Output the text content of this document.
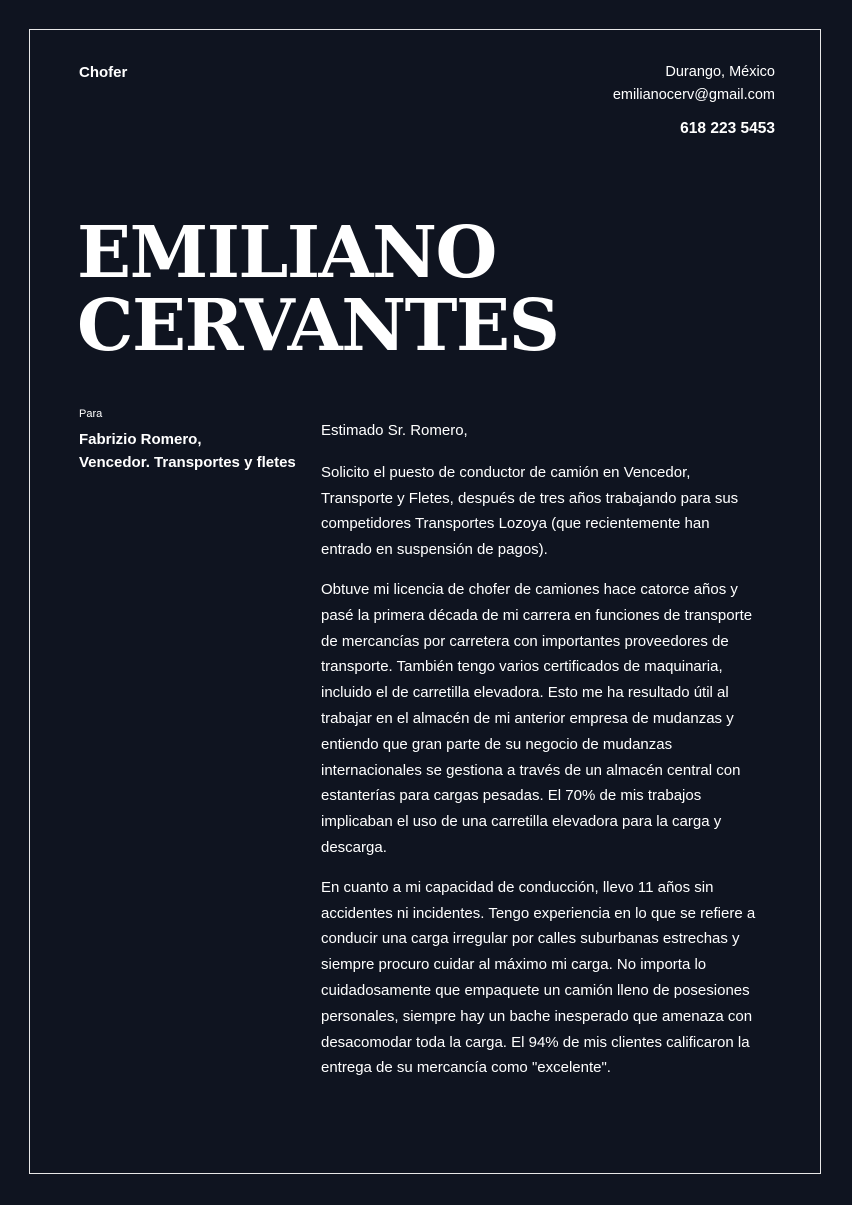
Chofer	Durango, México
emilianocerv@gmail.com
618 223 5453
EMILIANO
CERVANTES
Para
Fabrizio Romero,
Vencedor. Transportes y fletes

Estimado Sr. Romero,

Solicito el puesto de conductor de camión en Vencedor, Transporte y Fletes, después de tres años trabajando para sus competidores Transportes Lozoya (que recientemente han entrado en suspensión de pagos).

Obtuve mi licencia de chofer de camiones hace catorce años y pasé la primera década de mi carrera en funciones de transporte de mercancías por carretera con importantes proveedores de transporte. También tengo varios certificados de maquinaria, incluido el de carretilla elevadora. Esto me ha resultado útil al trabajar en el almacén de mi anterior empresa de mudanzas y entiendo que gran parte de su negocio de mudanzas internacionales se gestiona a través de un almacén central con estanterías para cargas pesadas. El 70% de mis trabajos implicaban el uso de una carretilla elevadora para la carga y descarga.

En cuanto a mi capacidad de conducción, llevo 11 años sin accidentes ni incidentes. Tengo experiencia en lo que se refiere a conducir una carga irregular por calles suburbanas estrechas y siempre procuro cuidar al máximo mi carga. No importa lo cuidadosamente que empaquete un camión lleno de posesiones personales, siempre hay un bache inesperado que amenaza con desacomodar toda la carga. El 94% de mis clientes calificaron la entrega de su mercancía como "excelente".
